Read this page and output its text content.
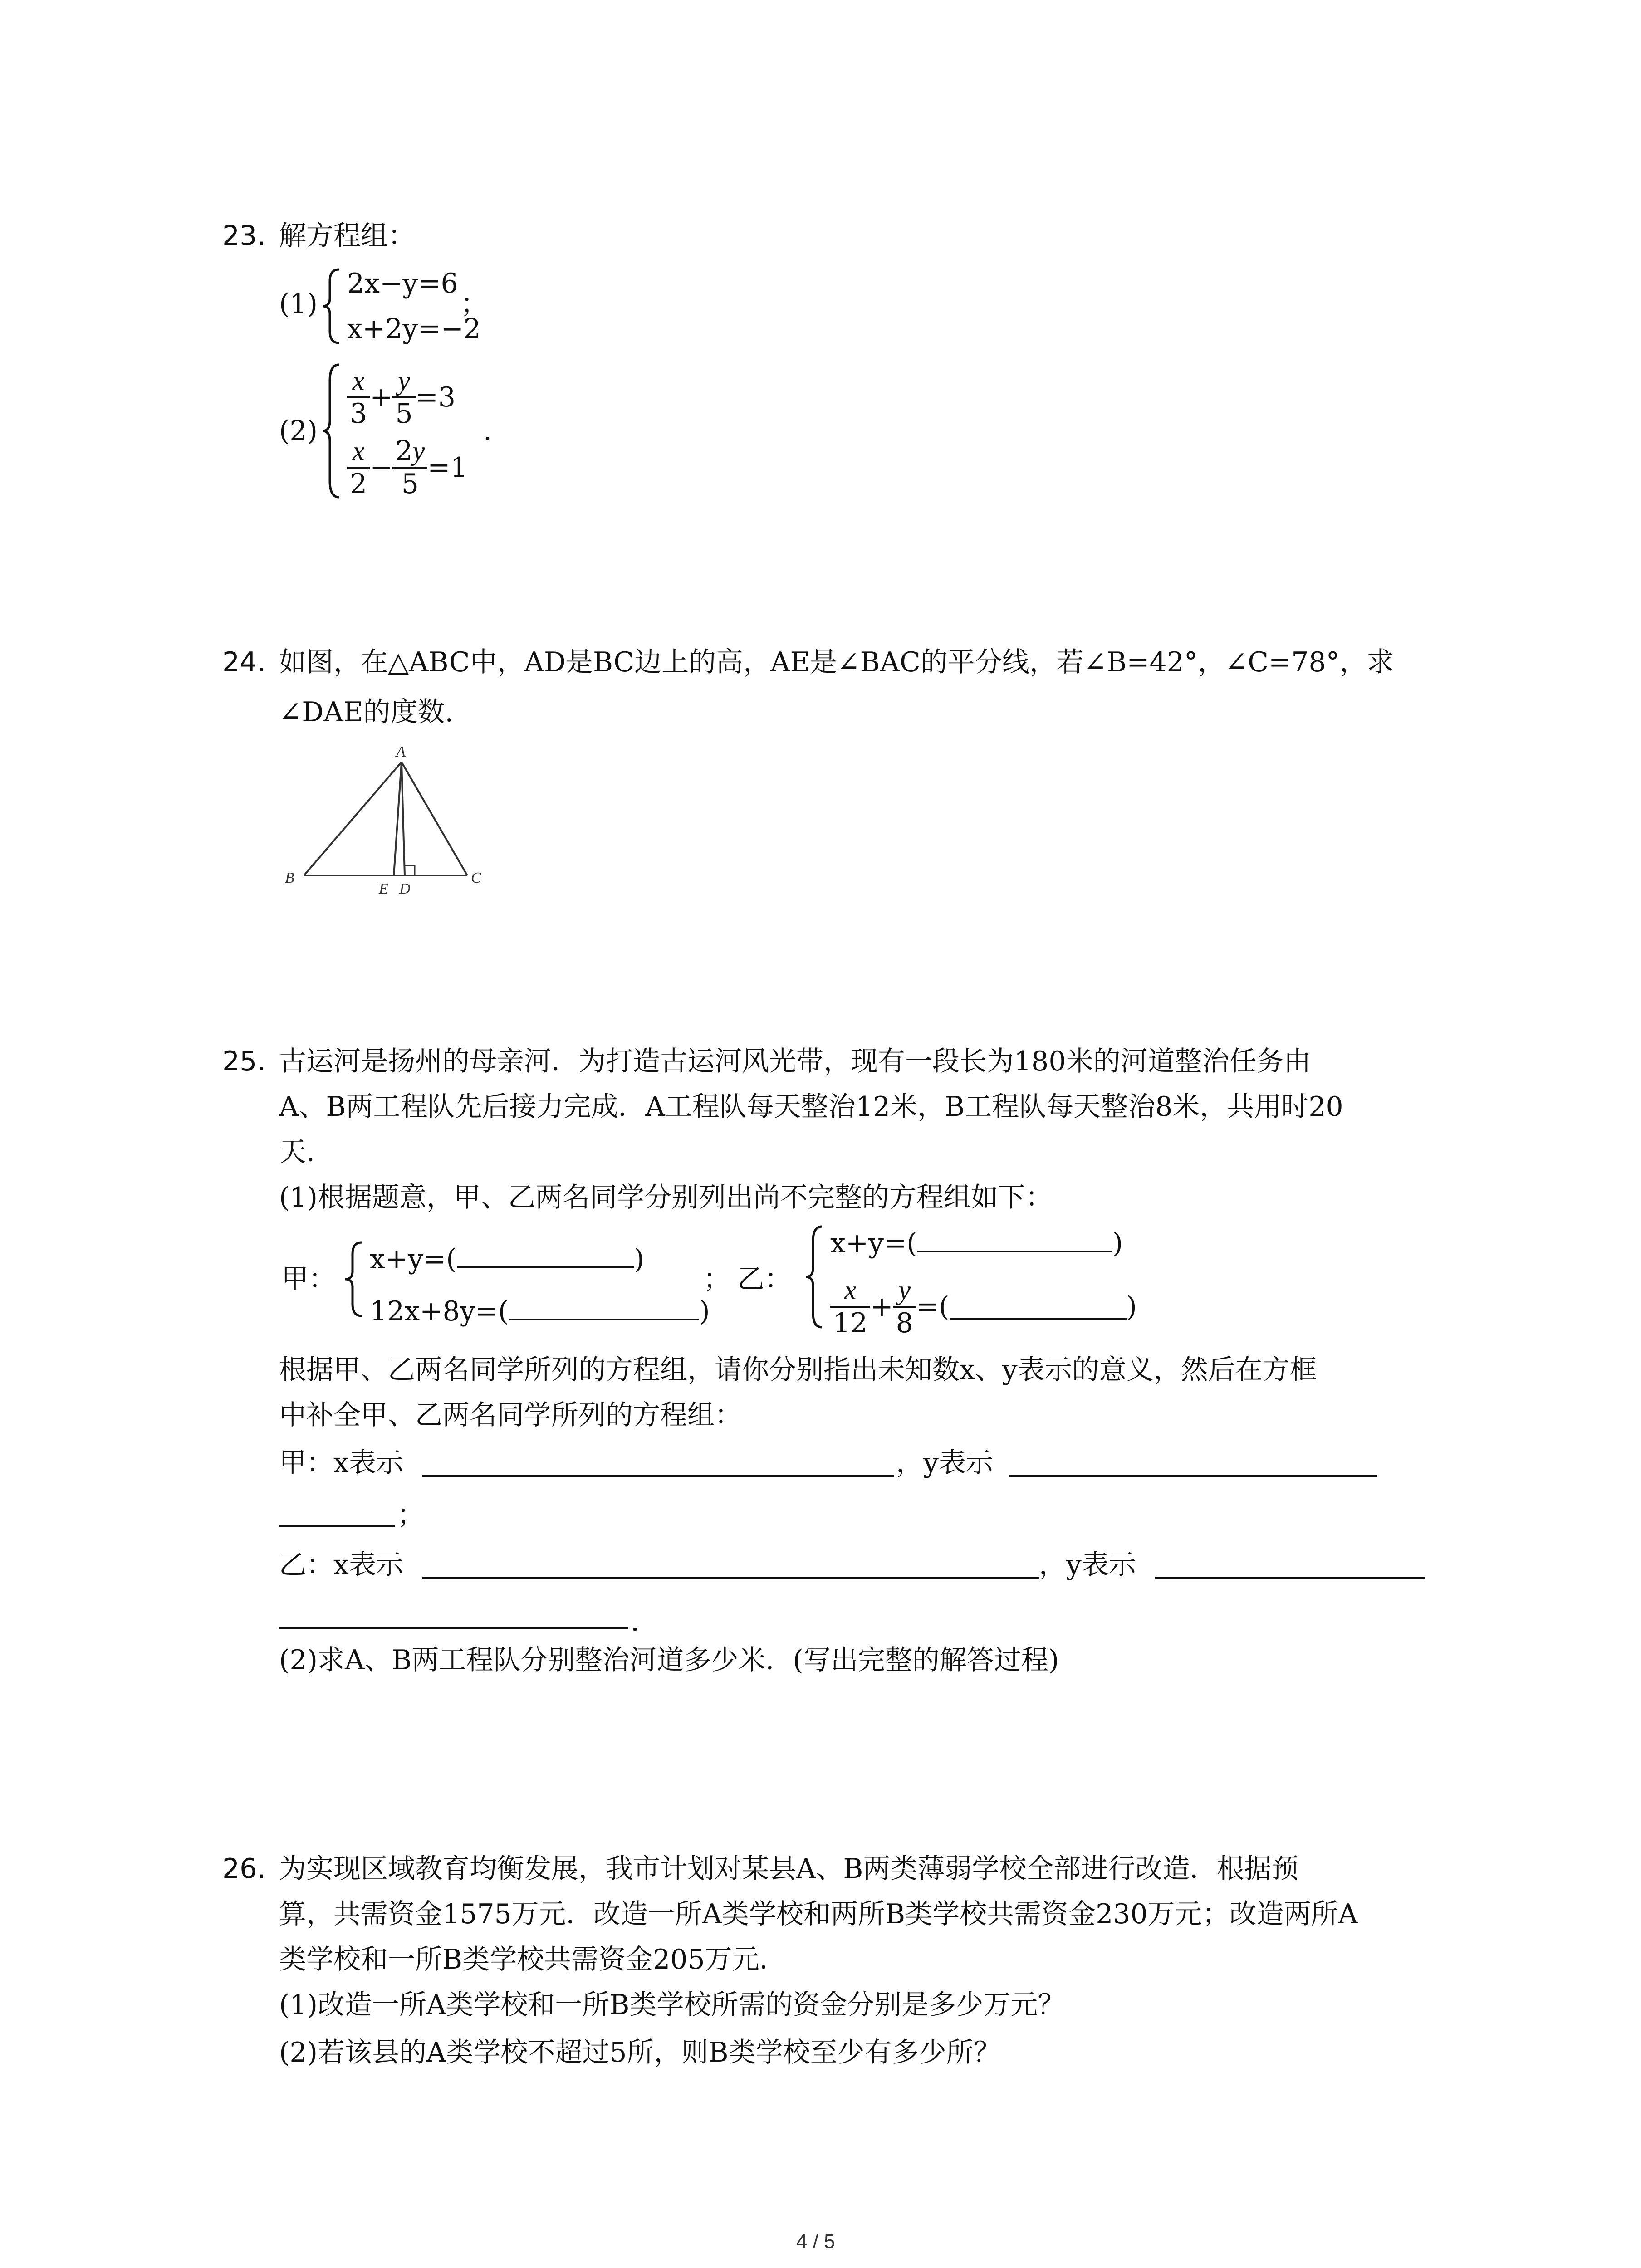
23. 解方程组：
(1)
2x−y=6
x+2y=−2
；
(2)
$\frac{x}{3} + \frac{y}{5} =3$
$\frac{x}{2} - \frac{2y}{5} =1$
.
24. 如图，在△ABC中，AD是BC边上的高，AE是∠BAC的平分线，若∠B=42°，∠C=78°，求
∠DAE的度数.
A
B	C
E D
25. 古运河是扬州的母亲河．为打造古运河风光带，现有一段长为180米的河道整治任务由
A、B两工程队先后接力完成．A工程队每天整治12米，B工程队每天整治8米，共用时20
天．
(1)根据题意，甲、乙两名同学分别列出尚不完整的方程组如下：
甲：
x+y=(	)
12x+8y=(	)
； 乙：
x+y=(	)
$\frac{x}{12} + \frac{y}{8}$ =(	)
根据甲、乙两名同学所列的方程组，请你分别指出未知数x、y表示的意义，然后在方框
中补全甲、乙两名同学所列的方程组：
甲：x表示	，y表示
；
乙：x表示	，y表示
.
(2)求A、B两工程队分别整治河道多少米．(写出完整的解答过程)
26. 为实现区域教育均衡发展，我市计划对某县A、B两类薄弱学校全部进行改造．根据预
算，共需资金1575万元．改造一所A类学校和两所B类学校共需资金230万元；改造两所A
类学校和一所B类学校共需资金205万元．
(1)改造一所A类学校和一所B类学校所需的资金分别是多少万元？
(2)若该县的A类学校不超过5所，则B类学校至少有多少所？
4 / 5
